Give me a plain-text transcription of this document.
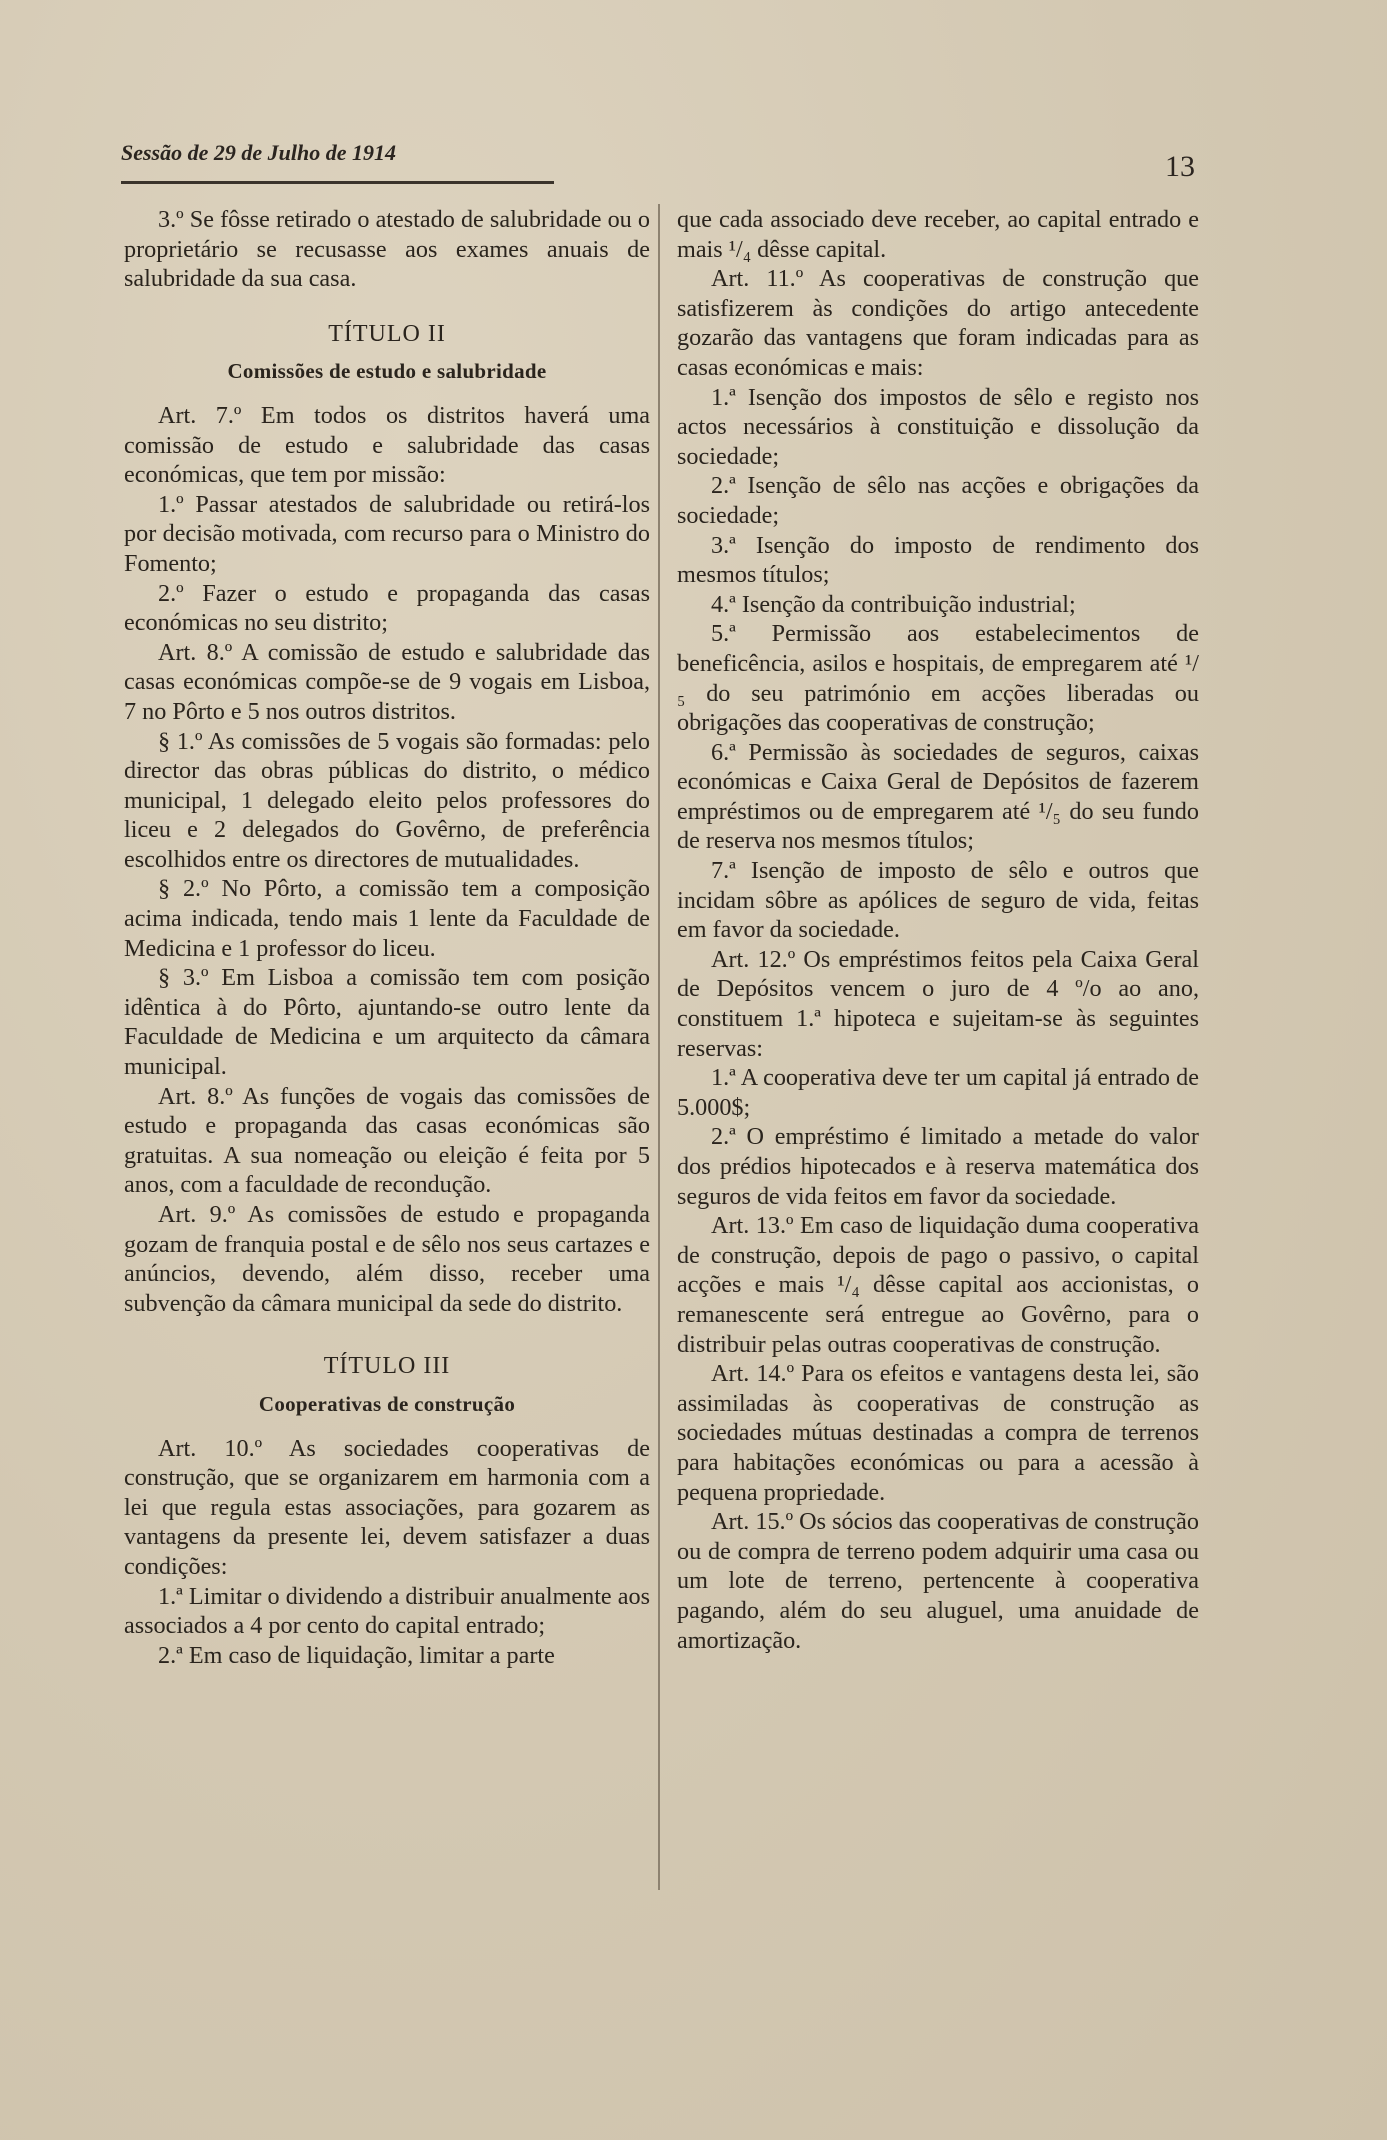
Sessão de 29 de Julho de 1914	13

3.º Se fôsse retirado o atestado de salubridade ou o proprietário se recusasse aos exames anuais de salubridade da sua casa.

TÍTULO II

Comissões de estudo e salubridade

Art. 7.º Em todos os distritos haverá uma comissão de estudo e salubridade das casas económicas, que tem por missão:

1.º Passar atestados de salubridade ou retirá-los por decisão motivada, com recurso para o Ministro do Fomento;

2.º Fazer o estudo e propaganda das casas económicas no seu distrito;

Art. 8.º A comissão de estudo e salubridade das casas económicas compõe-se de 9 vogais em Lisboa, 7 no Pôrto e 5 nos outros distritos.

§ 1.º As comissões de 5 vogais são formadas: pelo director das obras públicas do distrito, o médico municipal, 1 delegado eleito pelos professores do liceu e 2 delegados do Govêrno, de preferência escolhidos entre os directores de mutualidades.

§ 2.º No Pôrto, a comissão tem a composição acima indicada, tendo mais 1 lente da Faculdade de Medicina e 1 professor do liceu.

§ 3.º Em Lisboa a comissão tem com posição idêntica à do Pôrto, ajuntando-se outro lente da Faculdade de Medicina e um arquitecto da câmara municipal.

Art. 8.º As funções de vogais das comissões de estudo e propaganda das casas económicas são gratuitas. A sua nomeação ou eleição é feita por 5 anos, com a faculdade de recondução.

Art. 9.º As comissões de estudo e propaganda gozam de franquia postal e de sêlo nos seus cartazes e anúncios, devendo, além disso, receber uma subvenção da câmara municipal da sede do distrito.

TÍTULO III

Cooperativas de construção

Art. 10.º As sociedades cooperativas de construção, que se organizarem em harmonia com a lei que regula estas associações, para gozarem as vantagens da presente lei, devem satisfazer a duas condições:

1.ª Limitar o dividendo a distribuir anualmente aos associados a 4 por cento do capital entrado;

2.ª Em caso de liquidação, limitar a parte

que cada associado deve receber, ao capital entrado e mais ¹/₄ dêsse capital.

Art. 11.º As cooperativas de construção que satisfizerem às condições do artigo antecedente gozarão das vantagens que foram indicadas para as casas económicas e mais:

1.ª Isenção dos impostos de sêlo e registo nos actos necessários à constituição e dissolução da sociedade;

2.ª Isenção de sêlo nas acções e obrigações da sociedade;

3.ª Isenção do imposto de rendimento dos mesmos títulos;

4.ª Isenção da contribuição industrial;

5.ª Permissão aos estabelecimentos de beneficência, asilos e hospitais, de empregarem até ¹/₅ do seu património em acções liberadas ou obrigações das cooperativas de construção;

6.ª Permissão às sociedades de seguros, caixas económicas e Caixa Geral de Depósitos de fazerem empréstimos ou de empregarem até ¹/₅ do seu fundo de reserva nos mesmos títulos;

7.ª Isenção de imposto de sêlo e outros que incidam sôbre as apólices de seguro de vida, feitas em favor da sociedade.

Art. 12.º Os empréstimos feitos pela Caixa Geral de Depósitos vencem o juro de 4 º/o ao ano, constituem 1.ª hipoteca e sujeitam-se às seguintes reservas:

1.ª A cooperativa deve ter um capital já entrado de 5.000$;

2.ª O empréstimo é limitado a metade do valor dos prédios hipotecados e à reserva matemática dos seguros de vida feitos em favor da sociedade.

Art. 13.º Em caso de liquidação duma cooperativa de construção, depois de pago o passivo, o capital acções e mais ¹/₄ dêsse capital aos accionistas, o remanescente será entregue ao Govêrno, para o distribuir pelas outras cooperativas de construção.

Art. 14.º Para os efeitos e vantagens desta lei, são assimiladas às cooperativas de construção as sociedades mútuas destinadas a compra de terrenos para habitações económicas ou para a acessão à pequena propriedade.

Art. 15.º Os sócios das cooperativas de construção ou de compra de terreno podem adquirir uma casa ou um lote de terreno, pertencente à cooperativa pagando, além do seu aluguel, uma anuidade de amortização.
